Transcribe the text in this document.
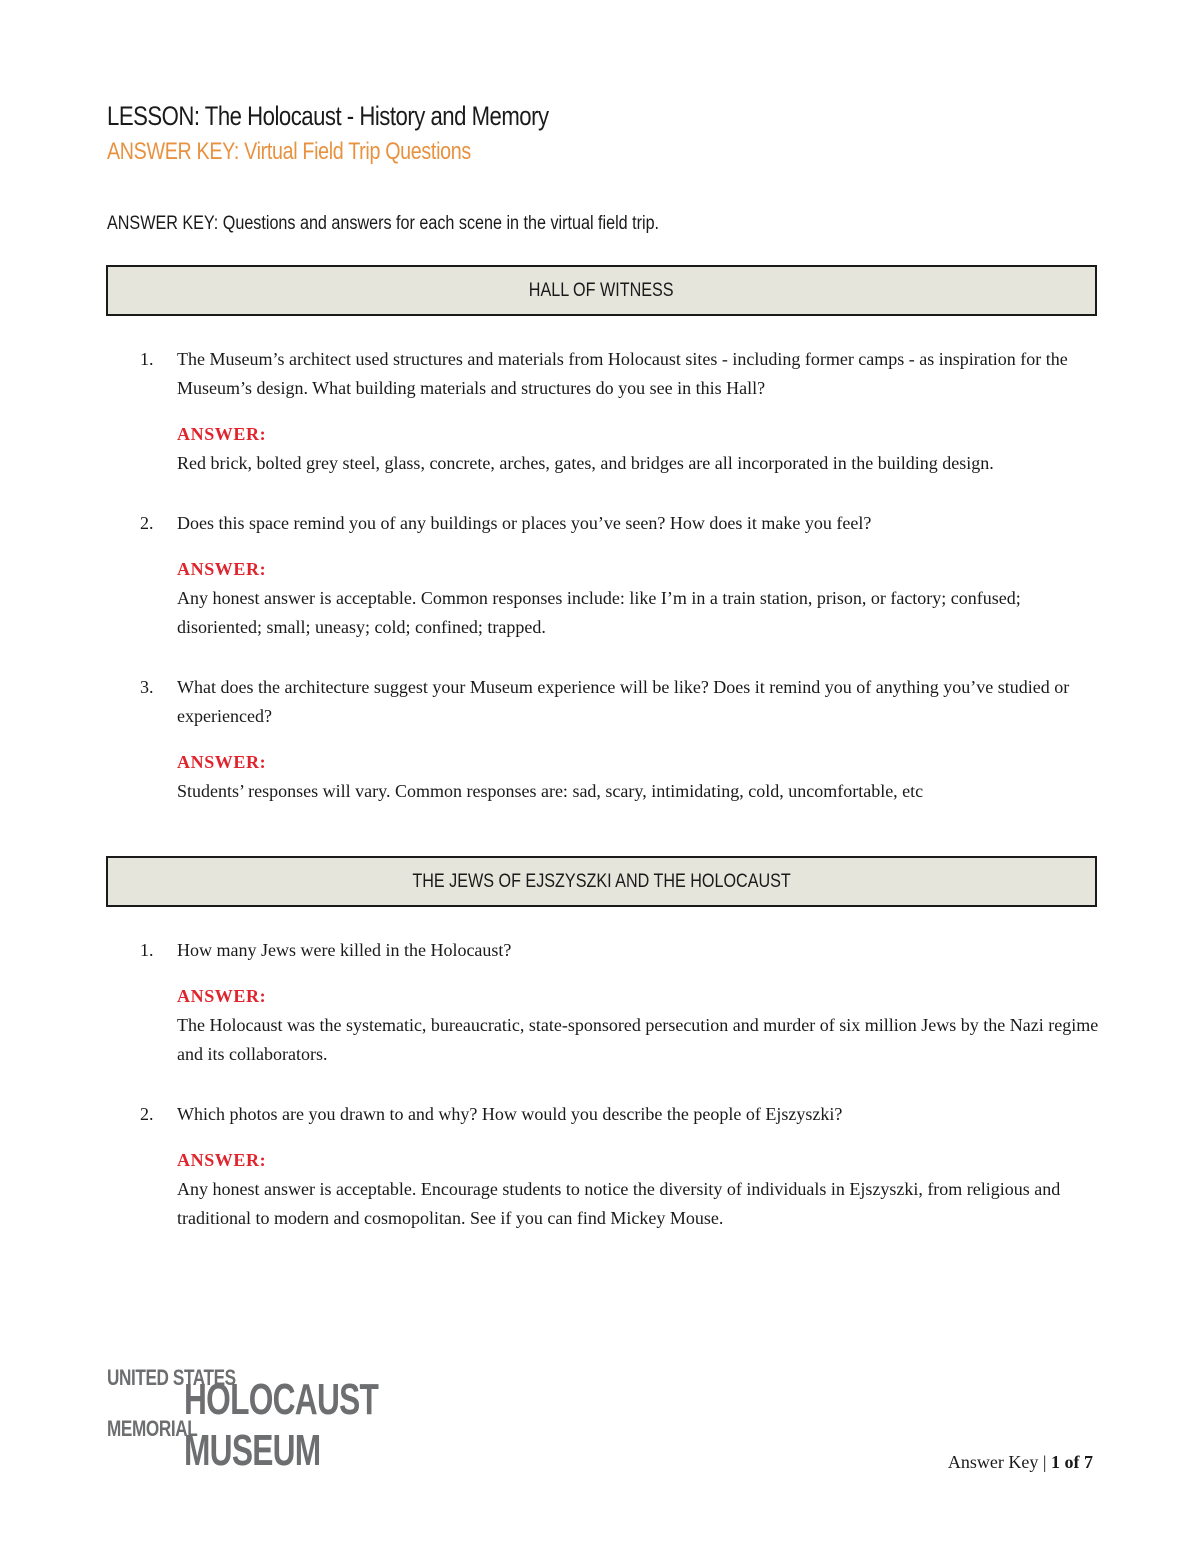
LESSON: The Holocaust - History and Memory
ANSWER KEY: Virtual Field Trip Questions

ANSWER KEY: Questions and answers for each scene in the virtual field trip.

HALL OF WITNESS
1. The Museum’s architect used structures and materials from Holocaust sites - including former camps - as inspiration for the Museum’s design. What building materials and structures do you see in this Hall?

ANSWER:

Red brick, bolted grey steel, glass, concrete, arches, gates, and bridges are all incorporated in the building design.

2. Does this space remind you of any buildings or places you’ve seen? How does it make you feel?

ANSWER:

Any honest answer is acceptable. Common responses include: like I’m in a train station, prison, or factory; confused; disoriented; small; uneasy; cold; confined; trapped.

3. What does the architecture suggest your Museum experience will be like? Does it remind you of anything you’ve studied or experienced?

ANSWER:

Students’ responses will vary. Common responses are: sad, scary, intimidating, cold, uncomfortable, etc

THE JEWS OF EJSZYSZKI AND THE HOLOCAUST
1. How many Jews were killed in the Holocaust?

ANSWER:

The Holocaust was the systematic, bureaucratic, state-sponsored persecution and murder of six million Jews by the Nazi regime and its collaborators.

2. Which photos are you drawn to and why? How would you describe the people of Ejszyszki?

ANSWER:

Any honest answer is acceptable. Encourage students to notice the diversity of individuals in Ejszyszki, from religious and traditional to modern and cosmopolitan. See if you can find Mickey Mouse.

UNITED STATES
HOLOCAUST
MEMORIAL
MUSEUM	Answer Key | 1 of 7
